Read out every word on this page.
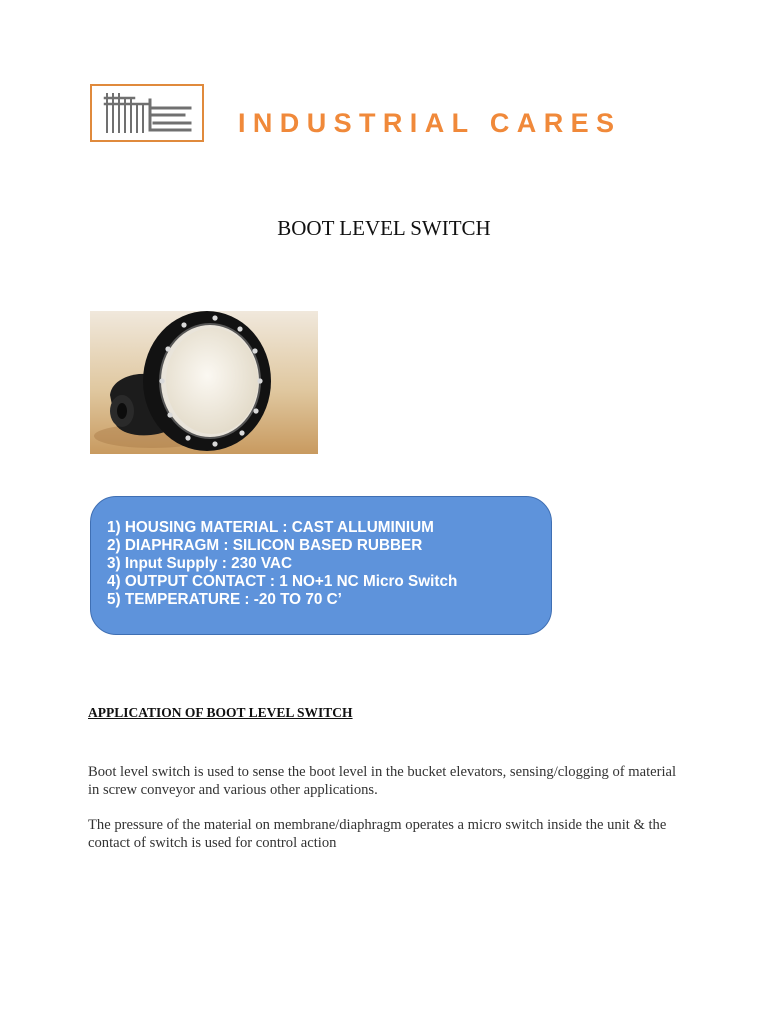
INDUSTRIAL CARES
BOOT LEVEL SWITCH
1) HOUSING MATERIAL : CAST ALLUMINIUM
2) DIAPHRAGM : SILICON BASED RUBBER
3) Input Supply : 230 VAC
4) OUTPUT CONTACT : 1 NO+1 NC Micro Switch
5) TEMPERATURE : -20 TO 70 C’
APPLICATION OF BOOT LEVEL SWITCH

Boot level switch is used to sense the boot level in the bucket elevators, sensing/clogging of material in screw conveyor and various other applications.

The pressure of the material on membrane/diaphragm operates a micro switch inside the unit & the contact of switch is used for control action
